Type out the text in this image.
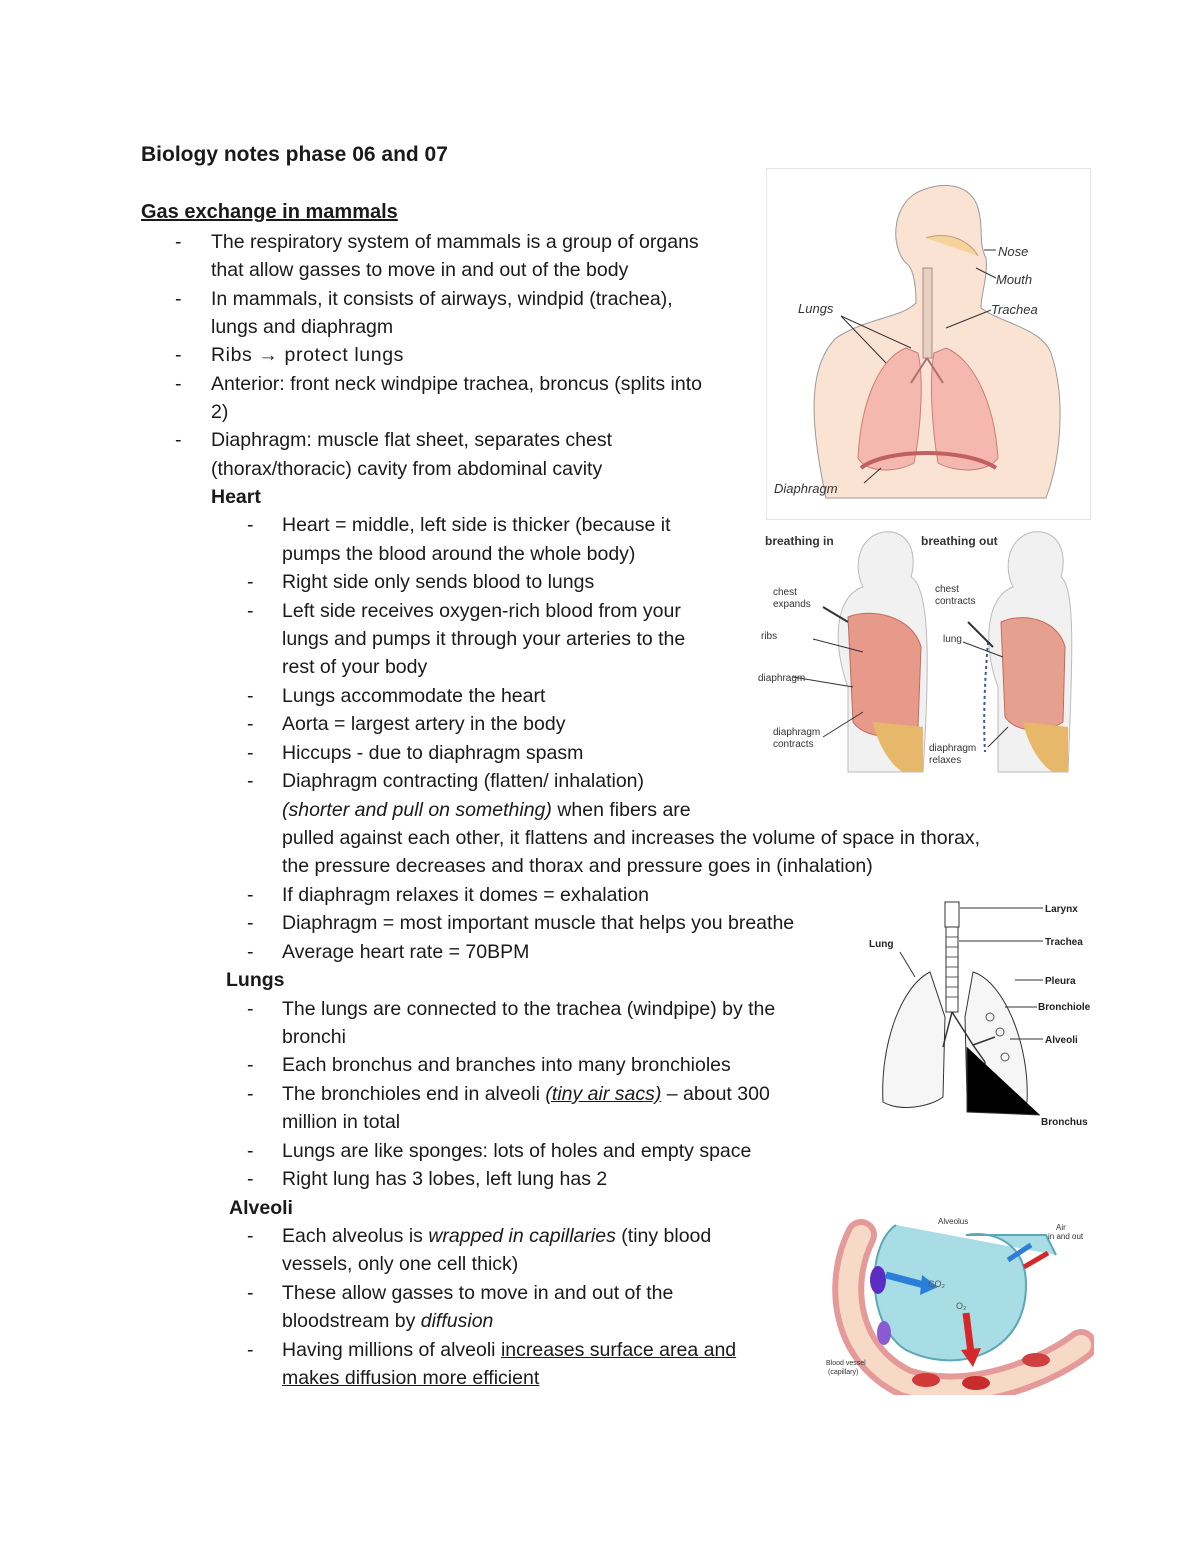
Biology notes phase 06 and 07
Gas exchange in mammals
- The respiratory system of mammals is a group of organs
that allow gasses to move in and out of the body
- In mammals, it consists of airways, windpid (trachea),
lungs and diaphragm
- Ribs → protect lungs
- Anterior: front neck windpipe trachea, broncus (splits into
2)
- Diaphragm: muscle flat sheet, separates chest
(thorax/thoracic) cavity from abdominal cavity
Heart
- Heart = middle, left side is thicker (because it
pumps the blood around the whole body)
- Right side only sends blood to lungs
- Left side receives oxygen-rich blood from your
lungs and pumps it through your arteries to the
rest of your body
- Lungs accommodate the heart
- Aorta = largest artery in the body
- Hiccups - due to diaphragm spasm
- Diaphragm contracting (flatten/ inhalation)
(shorter and pull on something) when fibers are
pulled against each other, it flattens and increases the volume of space in thorax,
the pressure decreases and thorax and pressure goes in (inhalation)
- If diaphragm relaxes it domes = exhalation
- Diaphragm = most important muscle that helps you breathe
- Average heart rate = 70BPM
Lungs
- The lungs are connected to the trachea (windpipe) by the
bronchi
- Each bronchus and branches into many bronchioles
- The bronchioles end in alveoli (tiny air sacs) – about 300
million in total
- Lungs are like sponges: lots of holes and empty space
- Right lung has 3 lobes, left lung has 2
Alveoli
- Each alveolus is wrapped in capillaries (tiny blood
vessels, only one cell thick)
- These allow gasses to move in and out of the
bloodstream by diffusion
- Having millions of alveoli increases surface area and
makes diffusion more efficient
Nose
Mouth
Trachea
Lungs
Diaphragm
breathing in	breathing out
chest
expands
ribs
diaphragm
diaphragm
contracts
chest
contracts
lung
diaphragm
relaxes
Larynx
Trachea
Lung
Pleura
Bronchiole
Alveoli
Bronchus
Alveolus
Air
in and out
CO₂
O₂
Blood vessel
(capillary)
